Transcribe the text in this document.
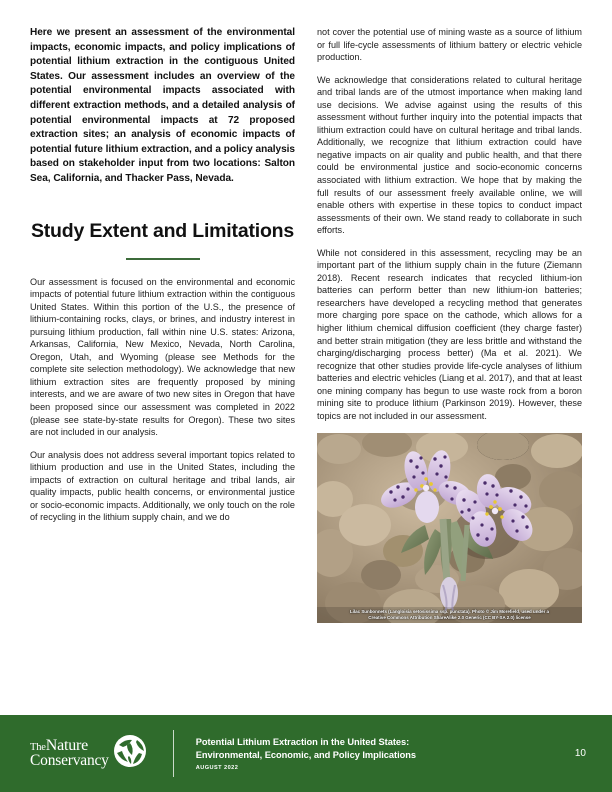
Here we present an assessment of the environmental impacts, economic impacts, and policy implications of potential lithium extraction in the contiguous United States. Our assessment includes an overview of the potential environmental impacts associated with different extraction methods, and a detailed analysis of potential environmental impacts at 72 proposed extraction sites; an analysis of economic impacts of potential future lithium extraction, and a policy analysis based on stakeholder input from two locations: Salton Sea, California, and Thacker Pass, Nevada.

Study Extent and Limitations

Our assessment is focused on the environmental and economic impacts of potential future lithium extraction within the contiguous United States. Within this portion of the U.S., the presence of lithium-containing rocks, clays, or brines, and industry interest in pursuing lithium production, fall within nine U.S. states: Arizona, Arkansas, California, New Mexico, Nevada, North Carolina, Oregon, Utah, and Wyoming (please see Methods for the complete site selection methodology). We acknowledge that new lithium extraction sites are frequently proposed by mining interests, and we are aware of two new sites in Oregon that have been proposed since our assessment was completed in 2022 (please see state-by-state results for Oregon). These two sites are not included in our analysis.

Our analysis does not address several important topics related to lithium production and use in the United States, including the impacts of extraction on cultural heritage and tribal lands, air quality impacts, public health concerns, or environmental justice or socio-economic impacts. Additionally, we only touch on the role of recycling in the lithium supply chain, and we do

not cover the potential use of mining waste as a source of lithium or full life-cycle assessments of lithium battery or electric vehicle production.

We acknowledge that considerations related to cultural heritage and tribal lands are of the utmost importance when making land use decisions. We advise against using the results of this assessment without further inquiry into the potential impacts that lithium extraction could have on cultural heritage and tribal lands. Additionally, we recognize that lithium extraction could have negative impacts on air quality and public health, and that there could be environmental justice and socio-economic concerns associated with lithium extraction. We hope that by making the full results of our assessment freely available online, we will enable others with expertise in these topics to conduct impact assessments of their own. We stand ready to collaborate in such efforts.

While not considered in this assessment, recycling may be an important part of the lithium supply chain in the future (Ziemann 2018). Recent research indicates that recycled lithium-ion batteries can perform better than new lithium-ion batteries; researchers have developed a recycling method that generates more charging pore space on the cathode, which allows for a higher lithium chemical diffusion coefficient (they charge faster) and better strain mitigation (they are less brittle and withstand the charging/discharging process better) (Ma et al. 2021). We recognize that other studies provide life-cycle analyses of lithium batteries and electric vehicles (Liang et al. 2017), and that at least one mining company has begun to use waste rock from a boron mining site to produce lithium (Parkinson 2019). However, these topics are not included in our assessment.

Lilac Sunbonnets (Langloisia setosissima ssp. punctata). Photo © Jim Morefield, used under a
Creative Commons Attribution ShareAlike 2.0 Generic (CC BY-SA 2.0) license
TheNature
Conservancy
Potential Lithium Extraction in the United States:
Environmental, Economic, and Policy Implications
AUGUST 2022
10
